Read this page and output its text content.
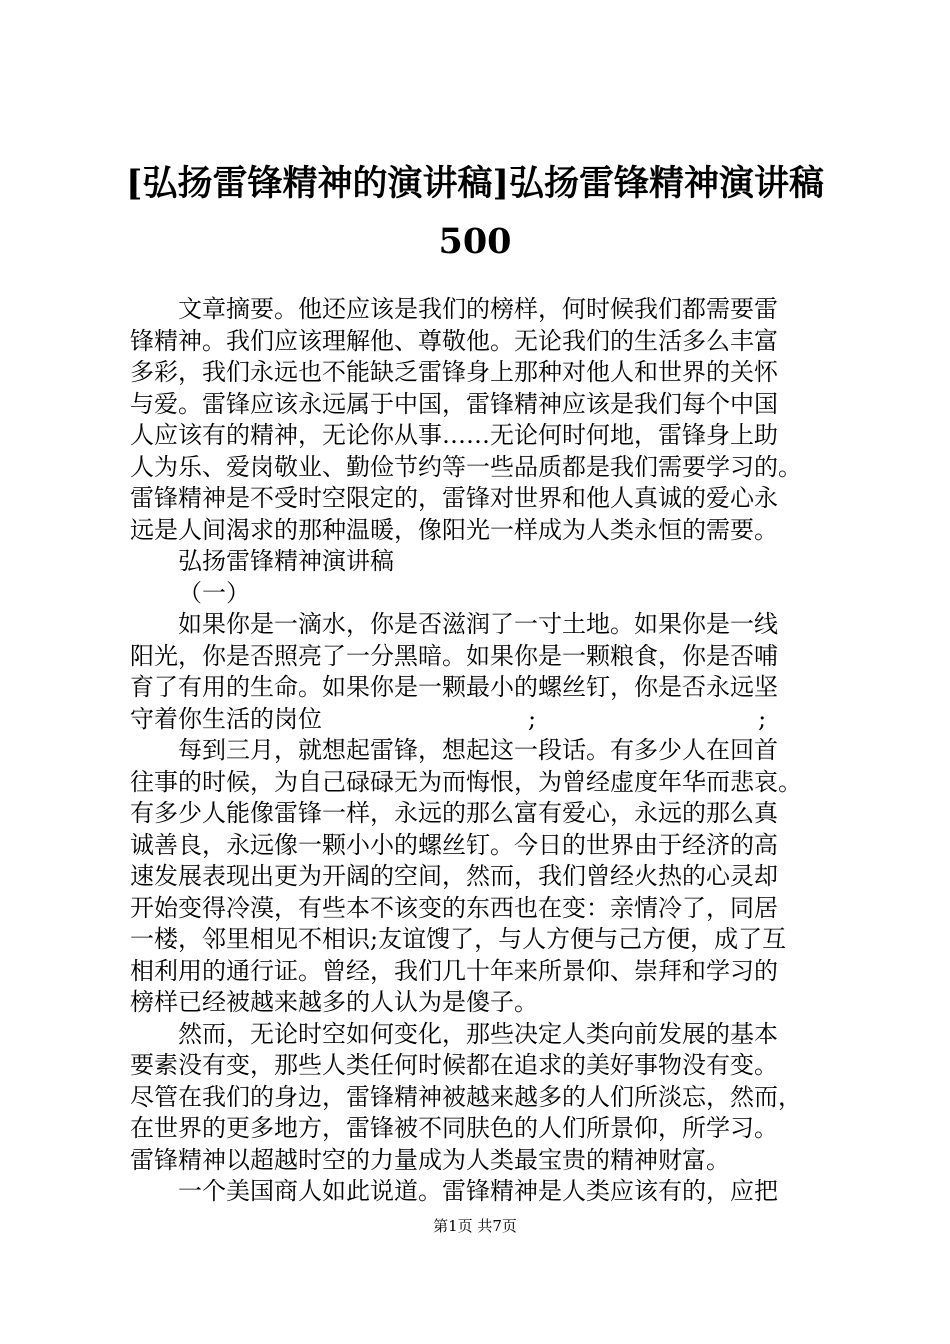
[弘扬雷锋精神的演讲稿]弘扬雷锋精神演讲稿
500
文章摘要。他还应该是我们的榜样，何时候我们都需要雷
锋精神。我们应该理解他、尊敬他。无论我们的生活多么丰富
多彩，我们永远也不能缺乏雷锋身上那种对他人和世界的关怀
与爱。雷锋应该永远属于中国，雷锋精神应该是我们每个中国
人应该有的精神，无论你从事……无论何时何地，雷锋身上助
人为乐、爱岗敬业、勤俭节约等一些品质都是我们需要学习的。
雷锋精神是不受时空限定的，雷锋对世界和他人真诚的爱心永
远是人间渴求的那种温暖，像阳光一样成为人类永恒的需要。
弘扬雷锋精神演讲稿
（一）
如果你是一滴水，你是否滋润了一寸土地。如果你是一线
阳光，你是否照亮了一分黑暗。如果你是一颗粮食，你是否哺
育了有用的生命。如果你是一颗最小的螺丝钉，你是否永远坚
守着你生活的岗位	;	;
每到三月，就想起雷锋，想起这一段话。有多少人在回首
往事的时候，为自己碌碌无为而悔恨，为曾经虚度年华而悲哀。
有多少人能像雷锋一样，永远的那么富有爱心，永远的那么真
诚善良，永远像一颗小小的螺丝钉。今日的世界由于经济的高
速发展表现出更为开阔的空间，然而，我们曾经火热的心灵却
开始变得冷漠，有些本不该变的东西也在变：亲情冷了，同居
一楼，邻里相见不相识;友谊馊了，与人方便与己方便，成了互
相利用的通行证。曾经，我们几十年来所景仰、崇拜和学习的
榜样已经被越来越多的人认为是傻子。
然而，无论时空如何变化，那些决定人类向前发展的基本
要素没有变，那些人类任何时候都在追求的美好事物没有变。
尽管在我们的身边，雷锋精神被越来越多的人们所淡忘，然而，
在世界的更多地方，雷锋被不同肤色的人们所景仰，所学习。
雷锋精神以超越时空的力量成为人类最宝贵的精神财富。
一个美国商人如此说道。雷锋精神是人类应该有的，应把
第1页 共7页
